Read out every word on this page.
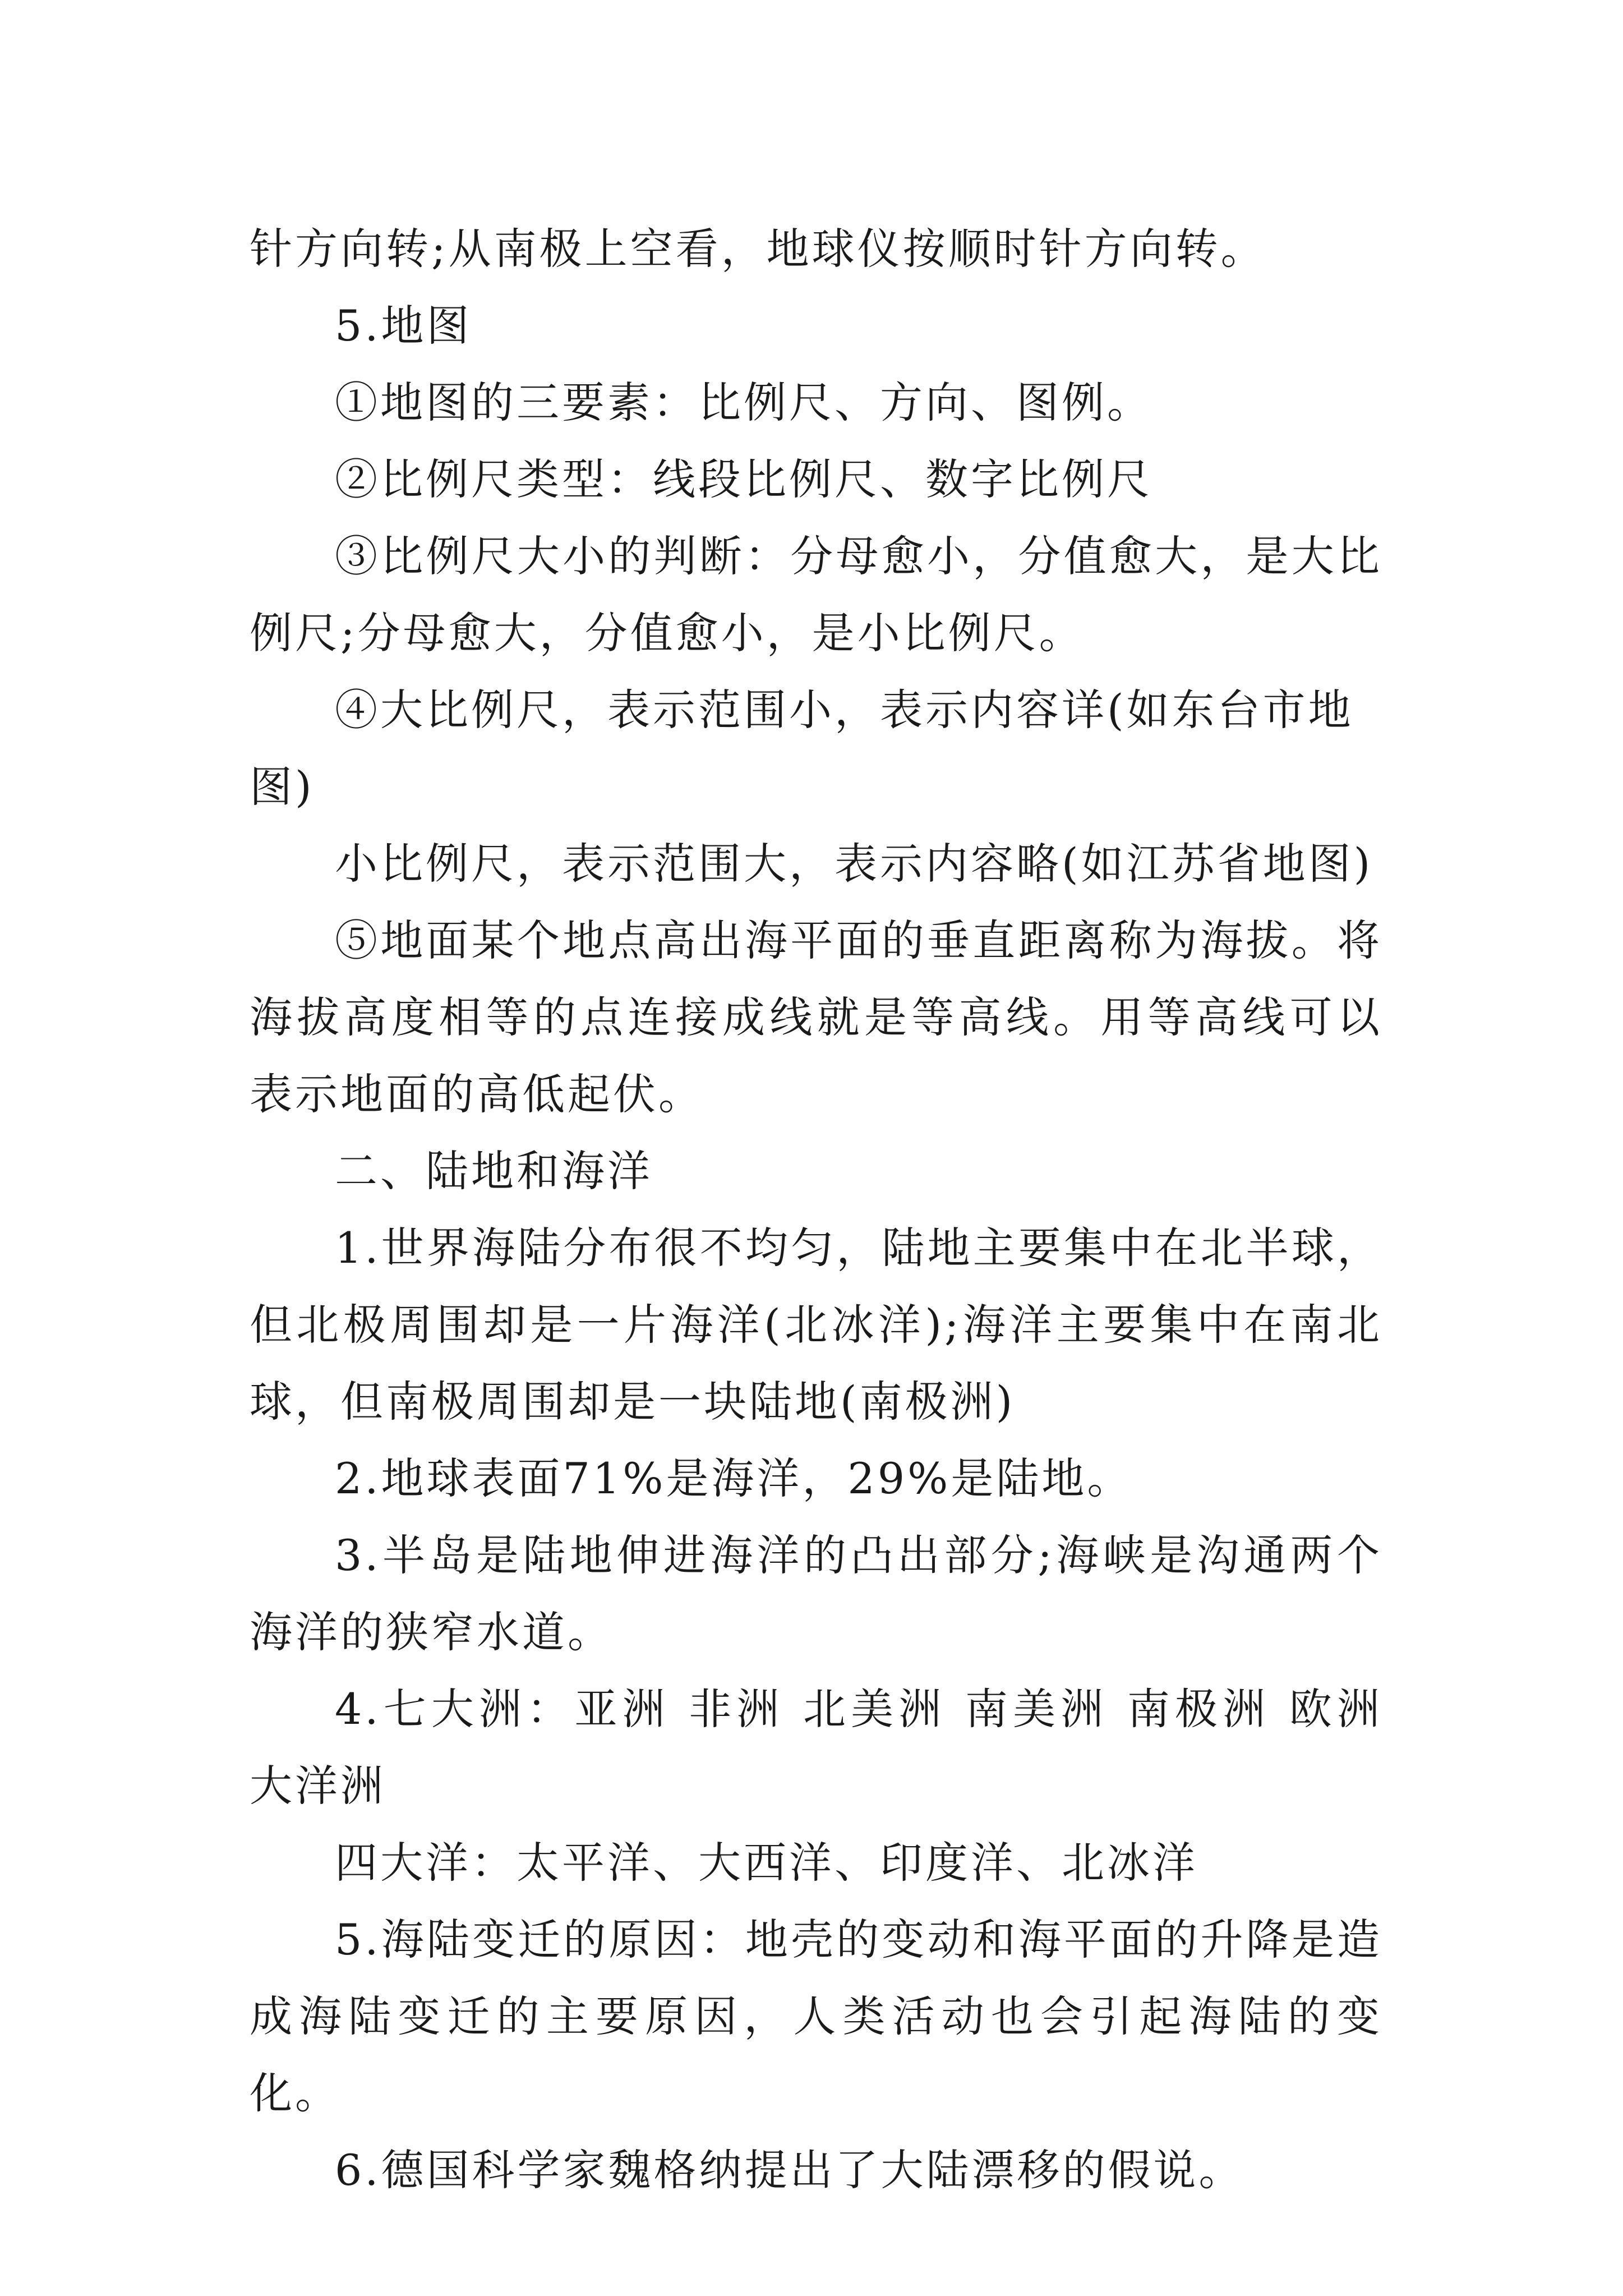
针方向转;从南极上空看，地球仪按顺时针方向转。

5.地图

①地图的三要素：比例尺、方向、图例。

②比例尺类型：线段比例尺、数字比例尺

③比例尺大小的判断：分母愈小，分值愈大，是大比例尺;分母愈大，分值愈小，是小比例尺。

④大比例尺，表示范围小，表示内容详(如东台市地图)

小比例尺，表示范围大，表示内容略(如江苏省地图)

⑤地面某个地点高出海平面的垂直距离称为海拔。将海拔高度相等的点连接成线就是等高线。用等高线可以表示地面的高低起伏。

二、陆地和海洋

1.世界海陆分布很不均匀，陆地主要集中在北半球，但北极周围却是一片海洋(北冰洋);海洋主要集中在南北球，但南极周围却是一块陆地(南极洲)

2.地球表面71%是海洋，29%是陆地。

3.半岛是陆地伸进海洋的凸出部分;海峡是沟通两个海洋的狭窄水道。

4.七大洲：亚洲 非洲 北美洲 南美洲 南极洲 欧洲 大洋洲

四大洋：太平洋、大西洋、印度洋、北冰洋

5.海陆变迁的原因：地壳的变动和海平面的升降是造成海陆变迁的主要原因，人类活动也会引起海陆的变化。

6.德国科学家魏格纳提出了大陆漂移的假说。
